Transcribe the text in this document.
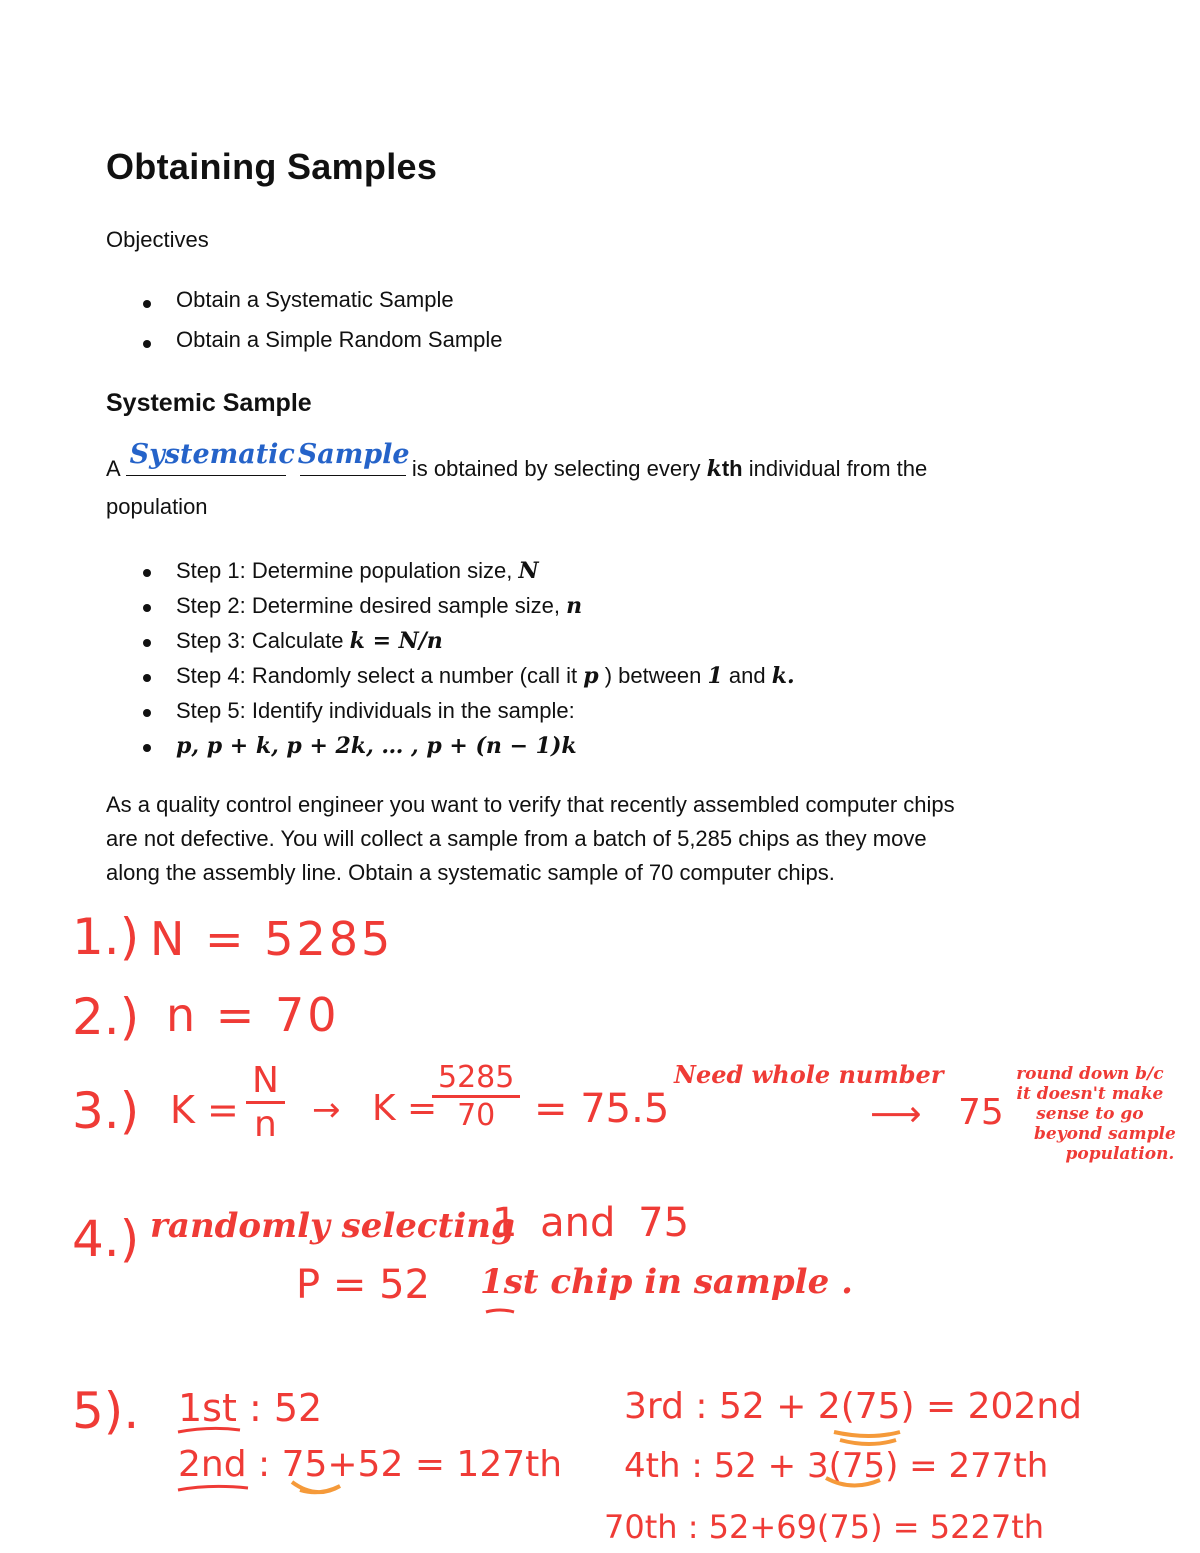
Obtaining Samples
Objectives
Obtain a Systematic Sample
Obtain a Simple Random Sample
Systemic Sample
A Systematic
Sample is obtained by selecting every kth individual from the
population
Step 1: Determine population size, N
Step 2: Determine desired sample size, n
Step 3: Calculate k = N/n
Step 4: Randomly select a number (call it p ) between 1 and k.
Step 5: Identify individuals in the sample:
p, p + k, p + 2k, … , p + (n − 1)k

As a quality control engineer you want to verify that recently assembled computer chips

are not defective. You will collect a sample from a batch of 5,285 chips as they move

along the assembly line. Obtain a systematic sample of 70 computer chips.

1.) N = 5285
2.) n = 70
3.) $K = \frac{N}{n} \to K$ =
$\frac{5285}{70} = 75.5$
Need whole number
⟶ 75
round down b/c
it doesn't make
sense to go
beyond sample
population.
4.) randomly selecting
1 and 75
P = 52 1st chip in sample .
5). 1st : 52
2nd : 75+52 = 127th
3rd : 52 + 2(75) = 202nd
4th : 52 + 3(75) = 277th
70th : 52+69(75) = 5227th
